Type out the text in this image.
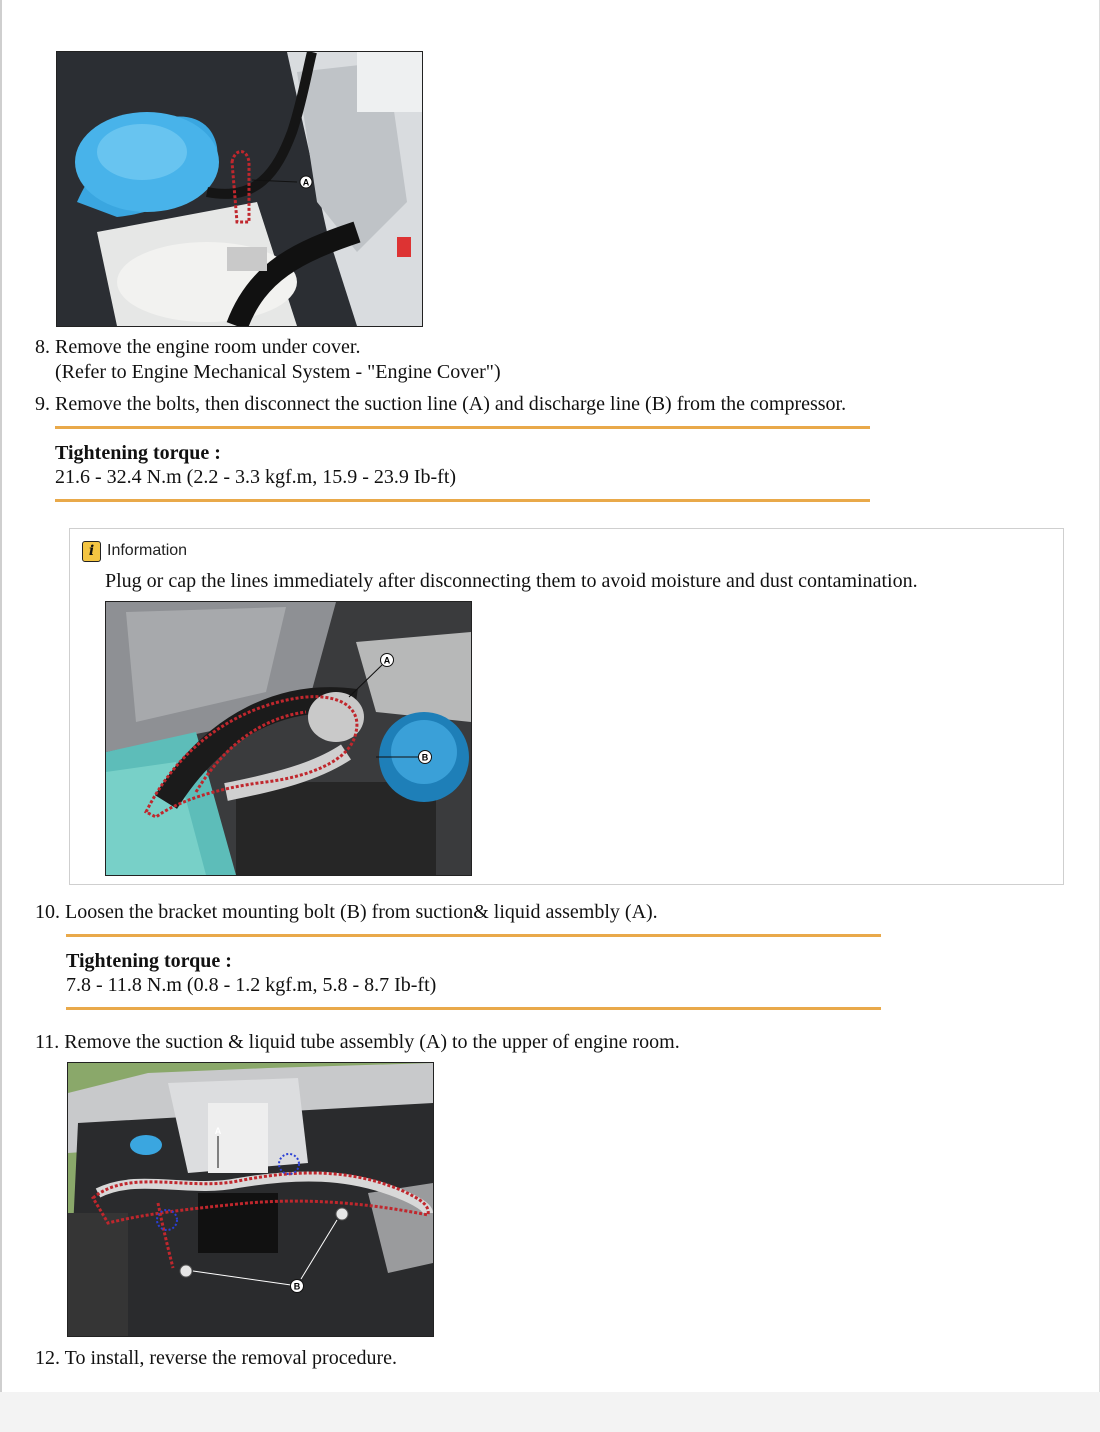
A
8. Remove the engine room under cover.
(Refer to Engine Mechanical System - "Engine Cover")
9. Remove the bolts, then disconnect the suction line (A) and discharge line (B) from the compressor.
Tightening torque :
21.6 - 32.4 N.m (2.2 - 3.3 kgf.m, 15.9 - 23.9 Ib-ft)
i Information
Plug or cap the lines immediately after disconnecting them to avoid moisture and dust contamination.
A
B
10. Loosen the bracket mounting bolt (B) from suction& liquid assembly (A).
Tightening torque :
7.8 - 11.8 N.m (0.8 - 1.2 kgf.m, 5.8 - 8.7 Ib-ft)
11. Remove the suction & liquid tube assembly (A) to the upper of engine room.
A
B
12. To install, reverse the removal procedure.
